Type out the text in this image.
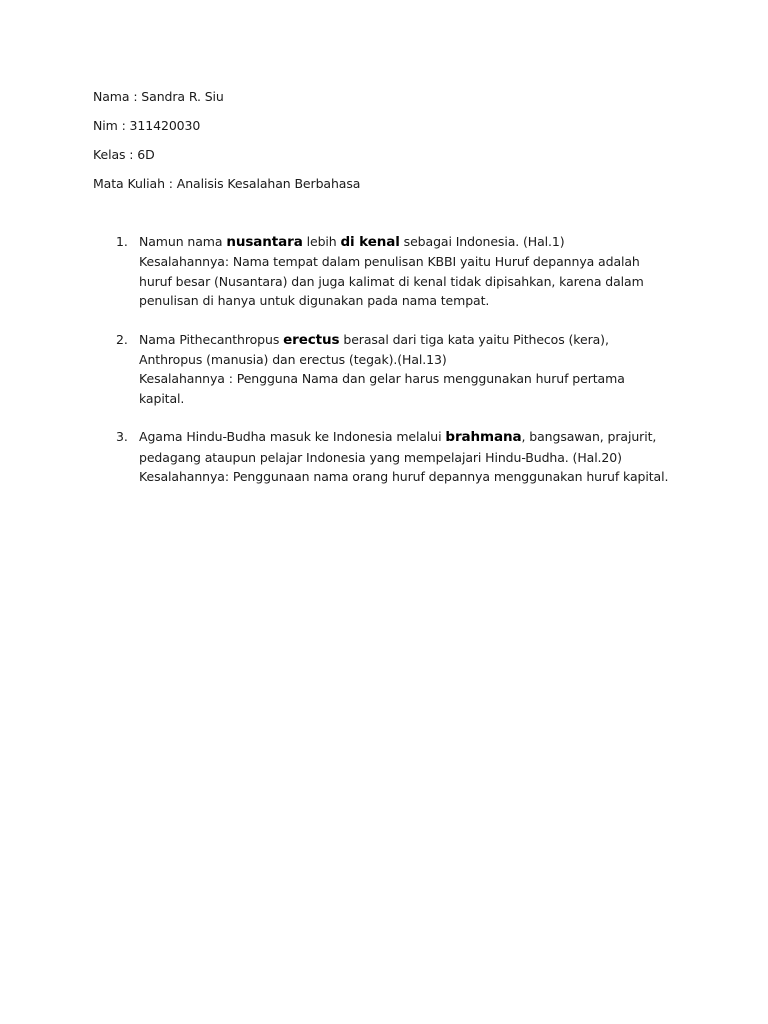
Nama : Sandra R. Siu
Nim : 311420030
Kelas : 6D
Mata Kuliah : Analisis Kesalahan Berbahasa
1. Namun nama nusantara lebih di kenal sebagai Indonesia. (Hal.1)
Kesalahannya: Nama tempat dalam penulisan KBBI yaitu Huruf depannya adalah
huruf besar (Nusantara) dan juga kalimat di kenal tidak dipisahkan, karena dalam
penulisan di hanya untuk digunakan pada nama tempat.
2. Nama Pithecanthropus erectus berasal dari tiga kata yaitu Pithecos (kera),
Anthropus (manusia) dan erectus (tegak).(Hal.13)
Kesalahannya : Pengguna Nama dan gelar harus menggunakan huruf pertama
kapital.
3. Agama Hindu-Budha masuk ke Indonesia melalui brahmana, bangsawan, prajurit,
pedagang ataupun pelajar Indonesia yang mempelajari Hindu-Budha. (Hal.20)
Kesalahannya: Penggunaan nama orang huruf depannya menggunakan huruf kapital.
